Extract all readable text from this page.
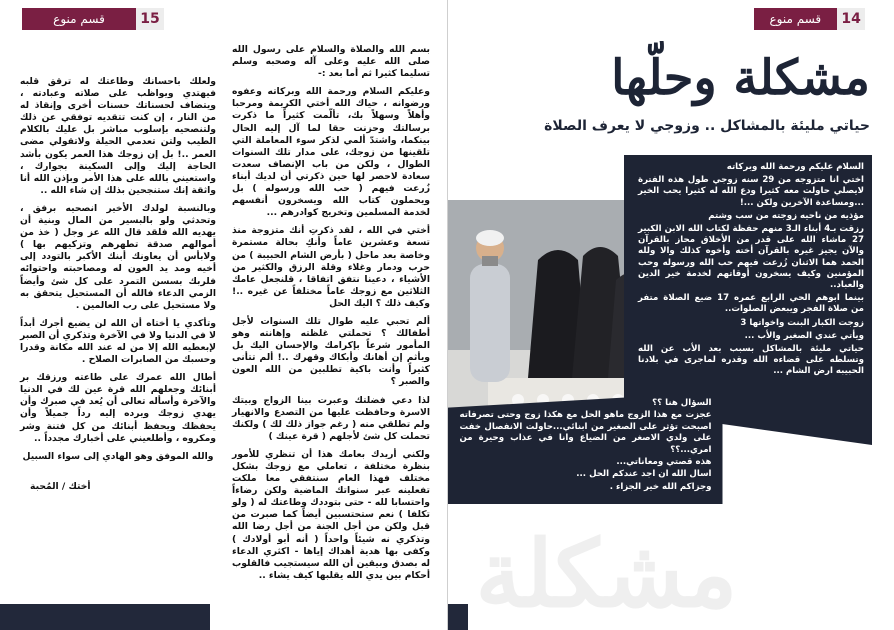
قسم منوع	15

بسم الله والصلاة والسلام على رسول الله صلى الله عليه وعلى آله وصحبه وسلم تسليما كثيرا ثم أما بعد :-

وعليكم السلام ورحمة الله وبركاته وعفوه ورضوانه ، حياك الله أختي الكريمة ومرحبا وأهلاً وسهلاً بك، تألّمت كثيراً ما ذكرت برسالتك وحزنت حقا لما آل إليه الحال بينكما، واشتدّ ألمي لذكر سوء المعاملة التي تلقينها من زوجك، على مدار تلك السنوات الطوال ، ولكن من باب الإنصاف سعدت سعادة لاحصر لها حين ذكرتي أن لديك أبناء زُرعت فيهم ( حب الله ورسوله ) بل ويحملون كتاب الله ويسخرون أنفسهم لخدمة المسلمين وتخريج كوادرهم ...

أختي في الله ، لقد ذكرتِ أنك متزوجة منذ تسعة وعشرين عاماً وأنكِ بحالة مستمرة وخاصة بعد ماحل ( بأرض الشام الحبيبة ) من حرب ودمار وغلاء وقلة الرزق والكثير من الأشياء ، دعينا نتفق اتفاقا ، قلنجعل عامك الثلاثين مع زوجك عاماً مختلفاً عن غيره ..! وكيف ذلك ؟ اليك الحل

ألم تحبي عليه طوال تلك السنوات لأجل أطفالك ؟ تحملتي غلظته وإهانته وهو المأمور شرعاً بإكرامك والإحسان اليك بل ويأثم إن أهانك وأبكاك وقهرك ..! ألم تتأنى كثيراً وأنت باكية تطلبين من الله العون والصبر ؟

لذا دعي فضلتك وعبرت بينا الزواج وبيتك الاسرة وحافظت عليها من التصدع والانهيار ولم تطلقي منه ( رغم جواز ذلك لك ) ولكنك تحملت كل شئ لأجلهم ( قرة عينك )

ولكني أريدك بعامك هذا أن تنظري للأمور بنظرة مختلفة ، تعاملي مع زوجك بشكل مختلف فهذا العام سنتفقي معا ملكت تفعلينه عبر سنواتك الماضية ولكن رضاءاً واحتسابا لله - حتى بتوددك وطاعتك له ( ولو تكلفا ) نعم ستحتسبين أيضاً كما صبرت من قبل ولكن من أجل الجنة من أجل رضا الله وتذكري نه شيئاً واحداً ( أنه أبو أولادك ) وكفى بها هدية أهداك إياها - اكثري الدعاء له بصدق وبيقين أن الله سيستجيب فالقلوب أحكام بين يدي الله يقلبها كيف يشاء ..

ولعلك باحسانك وطاعتك له ترقق قلبه فيهتدي ويواظب على صلاته وعبادته ، ويتضاف لحسناتك حسنات أخرى وإنقاذ له من النار ، إن كنت تتقديه توفقي عن ذلك ولتنصحيه بإسلوب مباشر بل عليك بالكلام الطيب ولتن تعدمي الحيلة ولاتقولي مضى العمر ..! بل إن زوجك هذا العمر يكون بأشد الحاجة إليك وإلى السكينة بجوارك ، واستعيني بالله على هذا الأمر وبإذن الله أنا واثقة إنك ستنجحين بذلك إن شاء الله ..

وبالنسبة لولدك الأخير انصحيه برفق ، وتحدثي ولو بالبسير من المال وبنية أن يهديه الله فلقد قال الله عز وجل ( خذ من أموالهم صدقة تطهرهم وتزكيهم بها ) ولابأس أن يعاونك أبنك الأكبر بالتودد إلى أخيه ومد يد العون له ومصاحبته واحتوائه فلربك بسسن التمرد على كل شئ وأيضاً الزمي الدعاء فالله أن المستحيل يتحقق به ولا مستحيل على رب العالمين .

وتأكدي يا أختاه أن الله لن يضيع أجرك أبداً لا في الدنيا ولا في الآخرة وتذكري أن الصبر لإبعطيه الله إلا من له عند الله مكانة وقدرا وحسبك من الصابرات الصلاح .

أطال الله عمرك على طاعته ورزقك بر أبنائك وجعلهم الله قرة عين لك في الدنيا والآخرة وأسأله تعالى أن يُعد في صبرك وأن يهدي زوجك ويرده إليه رداً جميلاً وأن يحفظك ويحفظ أبنائك من كل فتنة وشر ومكروه ، وأطلعيني على أخبارك مجدداً ..

والله الموفق وهو الهادي إلى سواء السبيل

أختك / المُحبة

قسم منوع	14
مشكلة وحلّها
حياتي مليئة بالمشاكل .. وزوجي لا يعرف الصلاة

السلام عليكم ورحمة الله وبركاته

اختي انا متزوجه من 29 سنه زوجي طول هذه الفترة لايصلي حاولت معه كثيرا ودع الله له كثيرا يحب الخير ...ومساعدة الآخرين ولكن ...!

مؤذيه من ناحيه زوجته من سب وشتم

رزقت بـ4 أبناء الـ3 منهم حفظة لكتاب الله الابن الكبير 27 ماشاء الله على قدر من الأخلاق محاز بالقرآن والآن يجيز غيره بالقرآن أخته وأخوه كذلك والا ولله الحمد هما الاثنان زُرعت فيهم حب الله ورسوله وحب المؤمنين وكيف يسخرون أوقاتهم لخدمة خير الدين والعباد..

بينما ابوهم الحي الرابع عمره 17 ضيع الصلاة متفر من صلاة الفجر ويبعض الصلوات..

زوجت الكبار البنت واخواتها 3

ويأتي عندي الصغير والأب ...

حياتي مليئة بالمشاكل بسبب بعد الأب عن الله وتسلطه على قضاءه الله وقدره لماجرى في بلادنا الحبيبه ارض الشام ...

السؤال هنا ؟؟

عجزت مع هذا الزوج ماهو الحل مع هكذا زوج وحتى تصرفاته اصبحت تؤثر على الصغير من ابنائي...حاولت الانفصال خفت على ولدي الاصغر من الضياع وانا في عذاب وحيرة من امري...؟؟

هذه قصتي ومعاناتي...

اسال الله ان اجد عندكم الحل ...

وجزاكم الله خير الجزاء .

مشكلة
